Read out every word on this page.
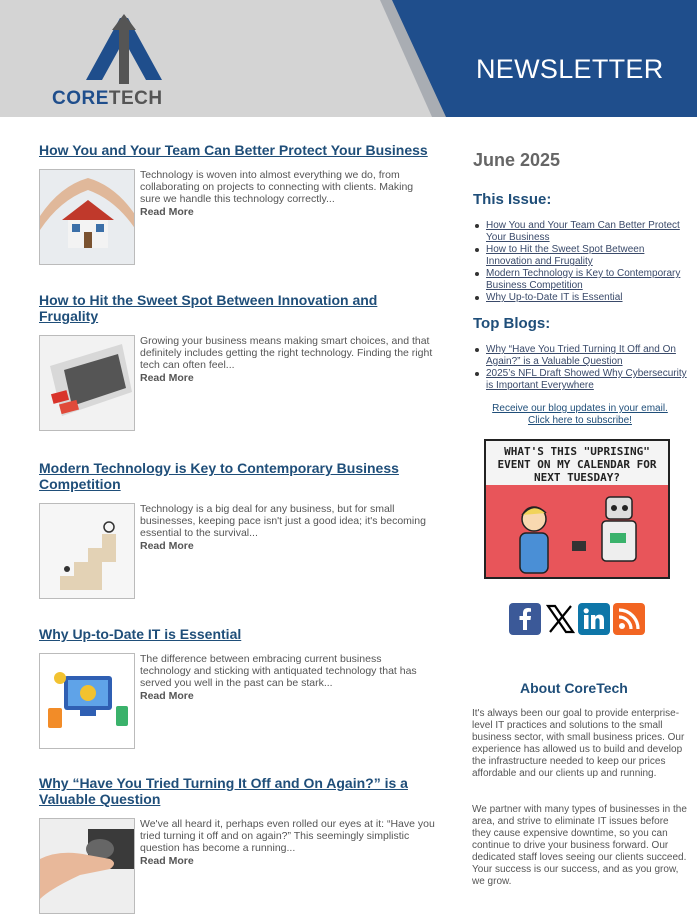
CORETECH
NEWSLETTER
How You and Your Team Can Better Protect Your Business
Technology is woven into almost everything we do, from collaborating on projects to connecting with clients. Making sure we handle this technology correctly...
Read More
How to Hit the Sweet Spot Between Innovation and Frugality
Growing your business means making smart choices, and that definitely includes getting the right technology. Finding the right tech can often feel...
Read More
Modern Technology is Key to Contemporary Business Competition
Technology is a big deal for any business, but for small businesses, keeping pace isn't just a good idea; it's becoming essential to the survival...
Read More
Why Up-to-Date IT is Essential
The difference between embracing current business technology and sticking with antiquated technology that has served you well in the past can be stark...
Read More
Why “Have You Tried Turning It Off and On Again?” is a Valuable Question
We've all heard it, perhaps even rolled our eyes at it: “Have you tried turning it off and on again?” This seemingly simplistic question has become a running...
Read More
June 2025
This Issue:
How You and Your Team Can Better Protect Your Business
How to Hit the Sweet Spot Between Innovation and Frugality
Modern Technology is Key to Contemporary Business Competition
Why Up-to-Date IT is Essential
Top Blogs:
Why “Have You Tried Turning It Off and On Again?” is a Valuable Question
2025’s NFL Draft Showed Why Cybersecurity is Important Everywhere
Receive our blog updates in your email. Click here to subscribe!
WHAT'S THIS "UPRISING" EVENT ON MY CALENDAR FOR NEXT TUESDAY?
About CoreTech
It's always been our goal to provide enterprise-level IT practices and solutions to the small business sector, with small business prices. Our experience has allowed us to build and develop the infrastructure needed to keep our prices affordable and our clients up and running.
We partner with many types of businesses in the area, and strive to eliminate IT issues before they cause expensive downtime, so you can continue to drive your business forward. Our dedicated staff loves seeing our clients succeed. Your success is our success, and as you grow, we grow.
